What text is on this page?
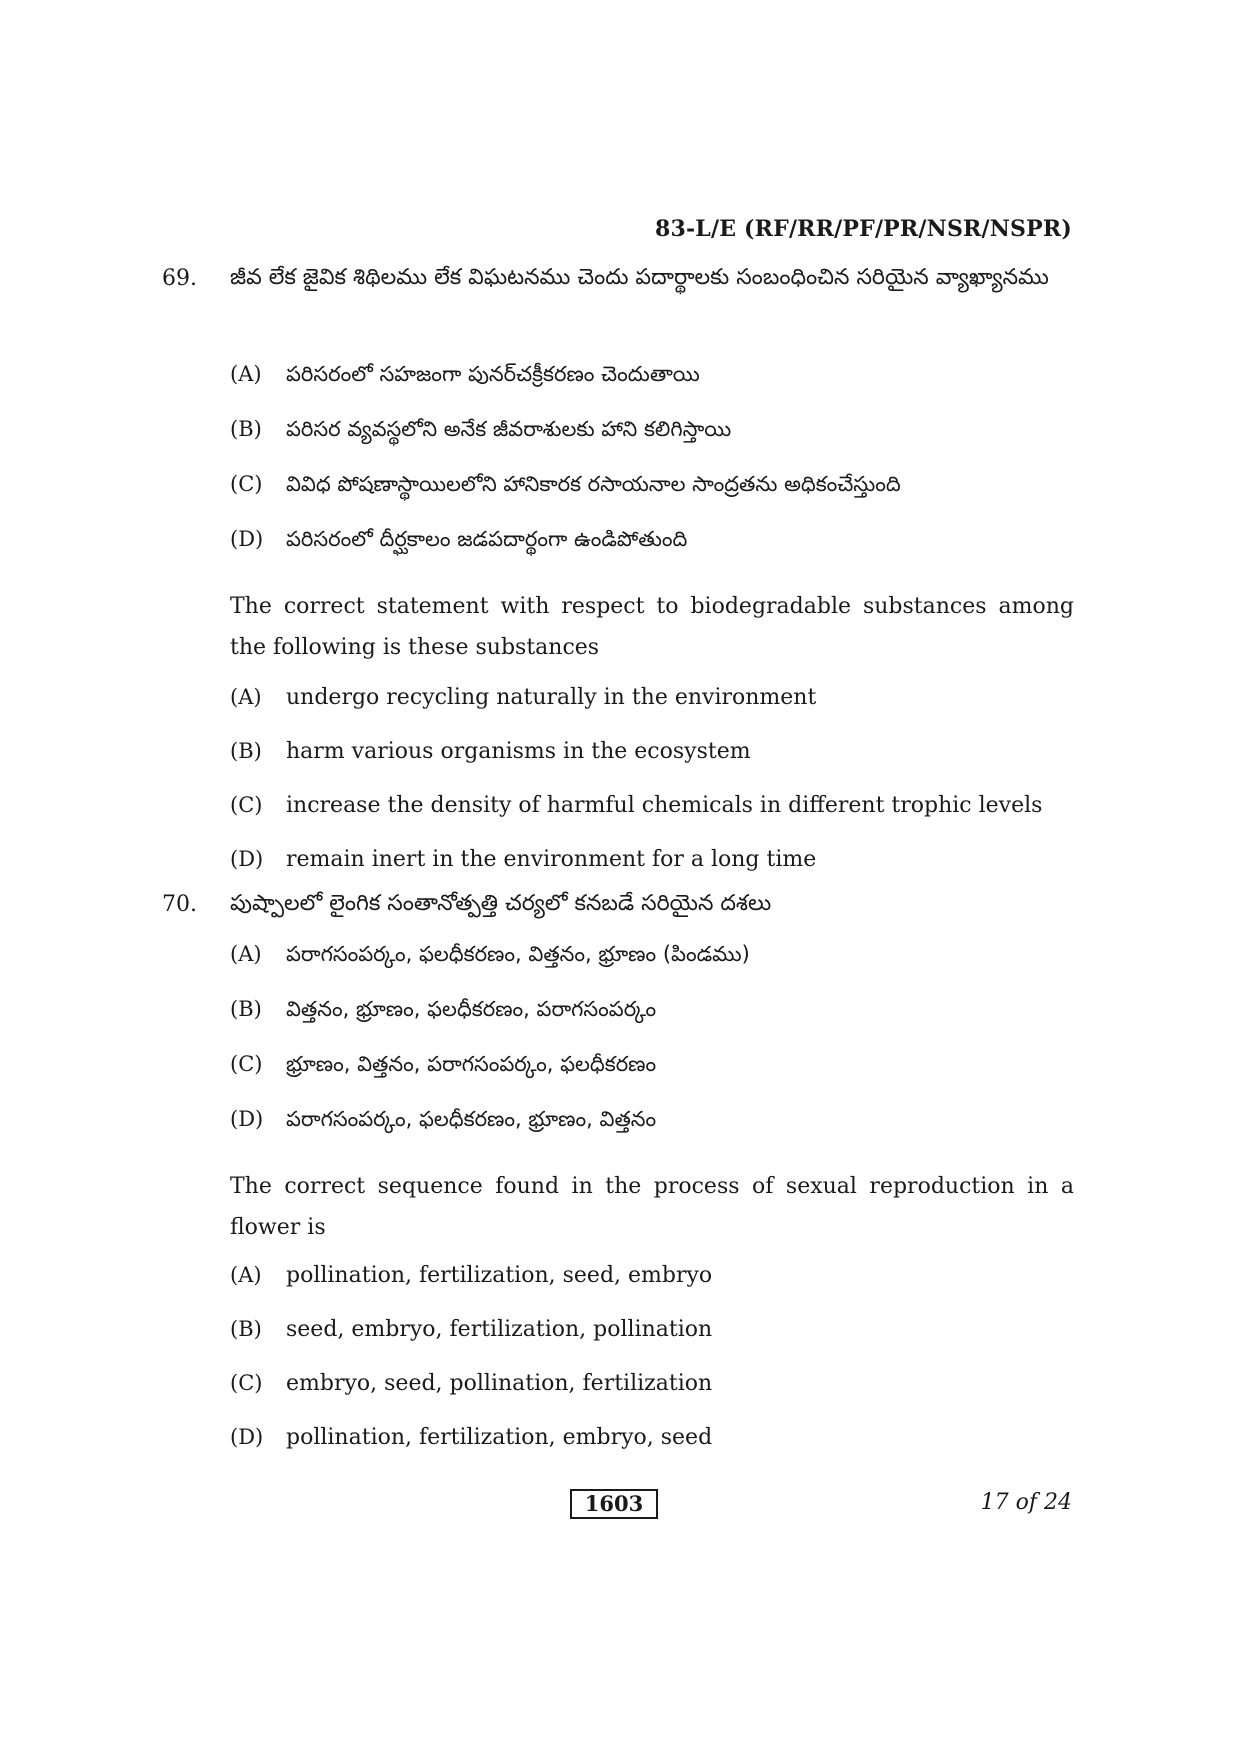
83-L/E (RF/RR/PF/PR/NSR/NSPR)
69. జీవ లేక జైవిక శిథిలము లేక విఘటనము చెందు పదార్థాలకు సంబంధించిన సరియైన వ్యాఖ్యానము
(A) పరిసరంలో సహజంగా పునర్‌చక్రీకరణం చెందుతాయి
(B) పరిసర వ్యవస్థలోని అనేక జీవరాశులకు హాని కలిగిస్తాయి
(C) వివిధ పోషణాస్థాయిలలోని హానికారక రసాయనాల సాంద్రతను అధికంచేస్తుంది
(D) పరిసరంలో దీర్ఘకాలం జడపదార్థంగా ఉండిపోతుంది
The correct statement with respect to biodegradable substances among the following is these substances
(A) undergo recycling naturally in the environment
(B) harm various organisms in the ecosystem
(C) increase the density of harmful chemicals in different trophic levels
(D) remain inert in the environment for a long time
70. పుష్పాలలో లైంగిక సంతానోత్పత్తి చర్యలో కనబడే సరియైన దశలు
(A) పరాగసంపర్కం, ఫలధీకరణం, విత్తనం, భ్రూణం (పిండము)
(B) విత్తనం, భ్రూణం, ఫలధీకరణం, పరాగసంపర్కం
(C) భ్రూణం, విత్తనం, పరాగసంపర్కం, ఫలధీకరణం
(D) పరాగసంపర్కం, ఫలధీకరణం, భ్రూణం, విత్తనం
The correct sequence found in the process of sexual reproduction in a flower is
(A) pollination, fertilization, seed, embryo
(B) seed, embryo, fertilization, pollination
(C) embryo, seed, pollination, fertilization
(D) pollination, fertilization, embryo, seed
1603	17 of 24
